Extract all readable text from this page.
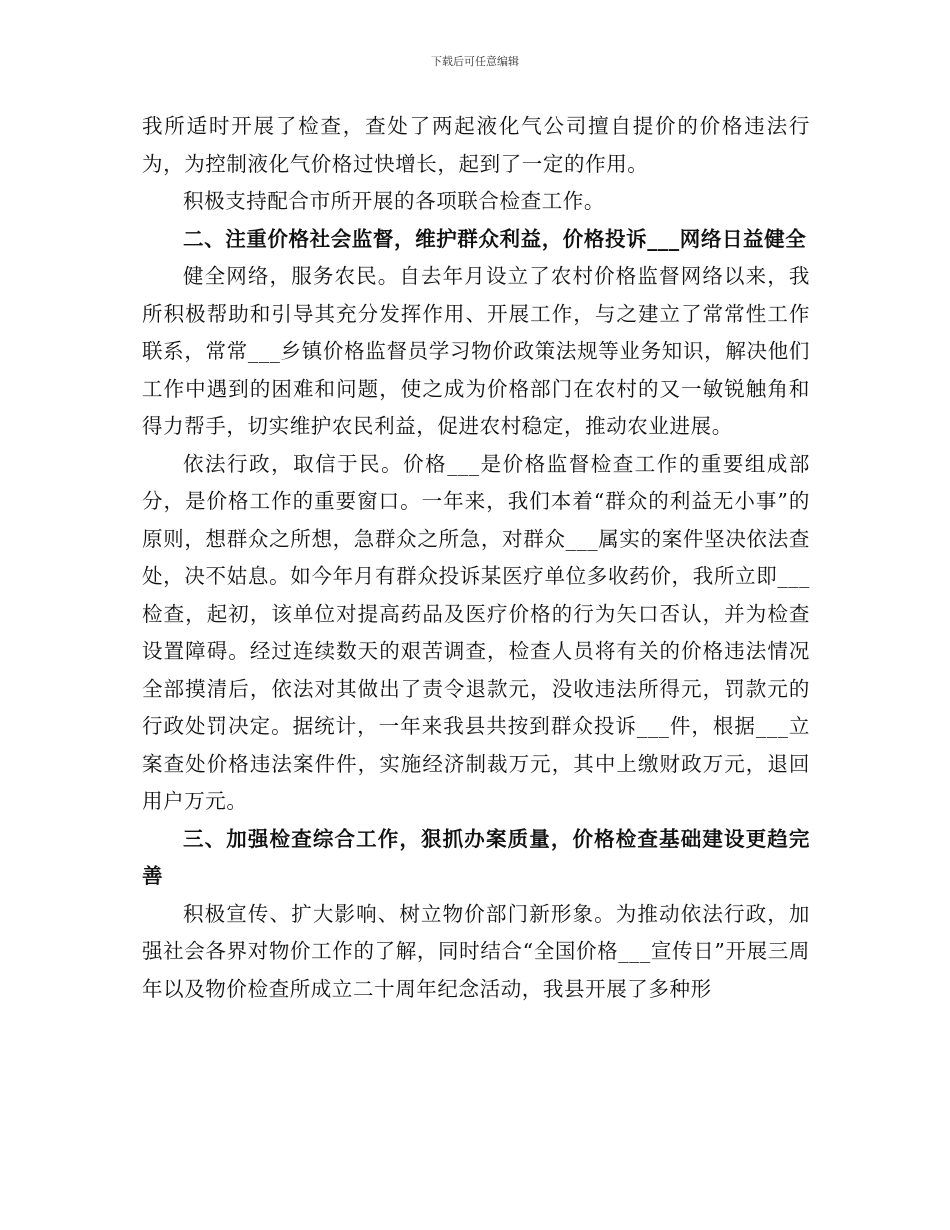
下载后可任意编辑

我所适时开展了检查，查处了两起液化气公司擅自提价的价格违法行为，为控制液化气价格过快增长，起到了一定的作用。

积极支持配合市所开展的各项联合检查工作。

二、注重价格社会监督，维护群众利益，价格投诉___网络日益健全

健全网络，服务农民。自去年月设立了农村价格监督网络以来，我所积极帮助和引导其充分发挥作用、开展工作，与之建立了常常性工作联系，常常___乡镇价格监督员学习物价政策法规等业务知识，解决他们工作中遇到的困难和问题，使之成为价格部门在农村的又一敏锐触角和得力帮手，切实维护农民利益，促进农村稳定，推动农业进展。

依法行政，取信于民。价格___是价格监督检查工作的重要组成部分，是价格工作的重要窗口。一年来，我们本着“群众的利益无小事”的原则，想群众之所想，急群众之所急，对群众___属实的案件坚决依法查处，决不姑息。如今年月有群众投诉某医疗单位多收药价，我所立即___检查，起初，该单位对提高药品及医疗价格的行为矢口否认，并为检查设置障碍。经过连续数天的艰苦调查，检查人员将有关的价格违法情况全部摸清后，依法对其做出了责令退款元，没收违法所得元，罚款元的行政处罚决定。据统计，一年来我县共按到群众投诉___件，根据___立案查处价格违法案件件，实施经济制裁万元，其中上缴财政万元，退回用户万元。

三、加强检查综合工作，狠抓办案质量，价格检查基础建设更趋完善

积极宣传、扩大影响、树立物价部门新形象。为推动依法行政，加强社会各界对物价工作的了解，同时结合“全国价格___宣传日”开展三周年以及物价检查所成立二十周年纪念活动，我县开展了多种形
